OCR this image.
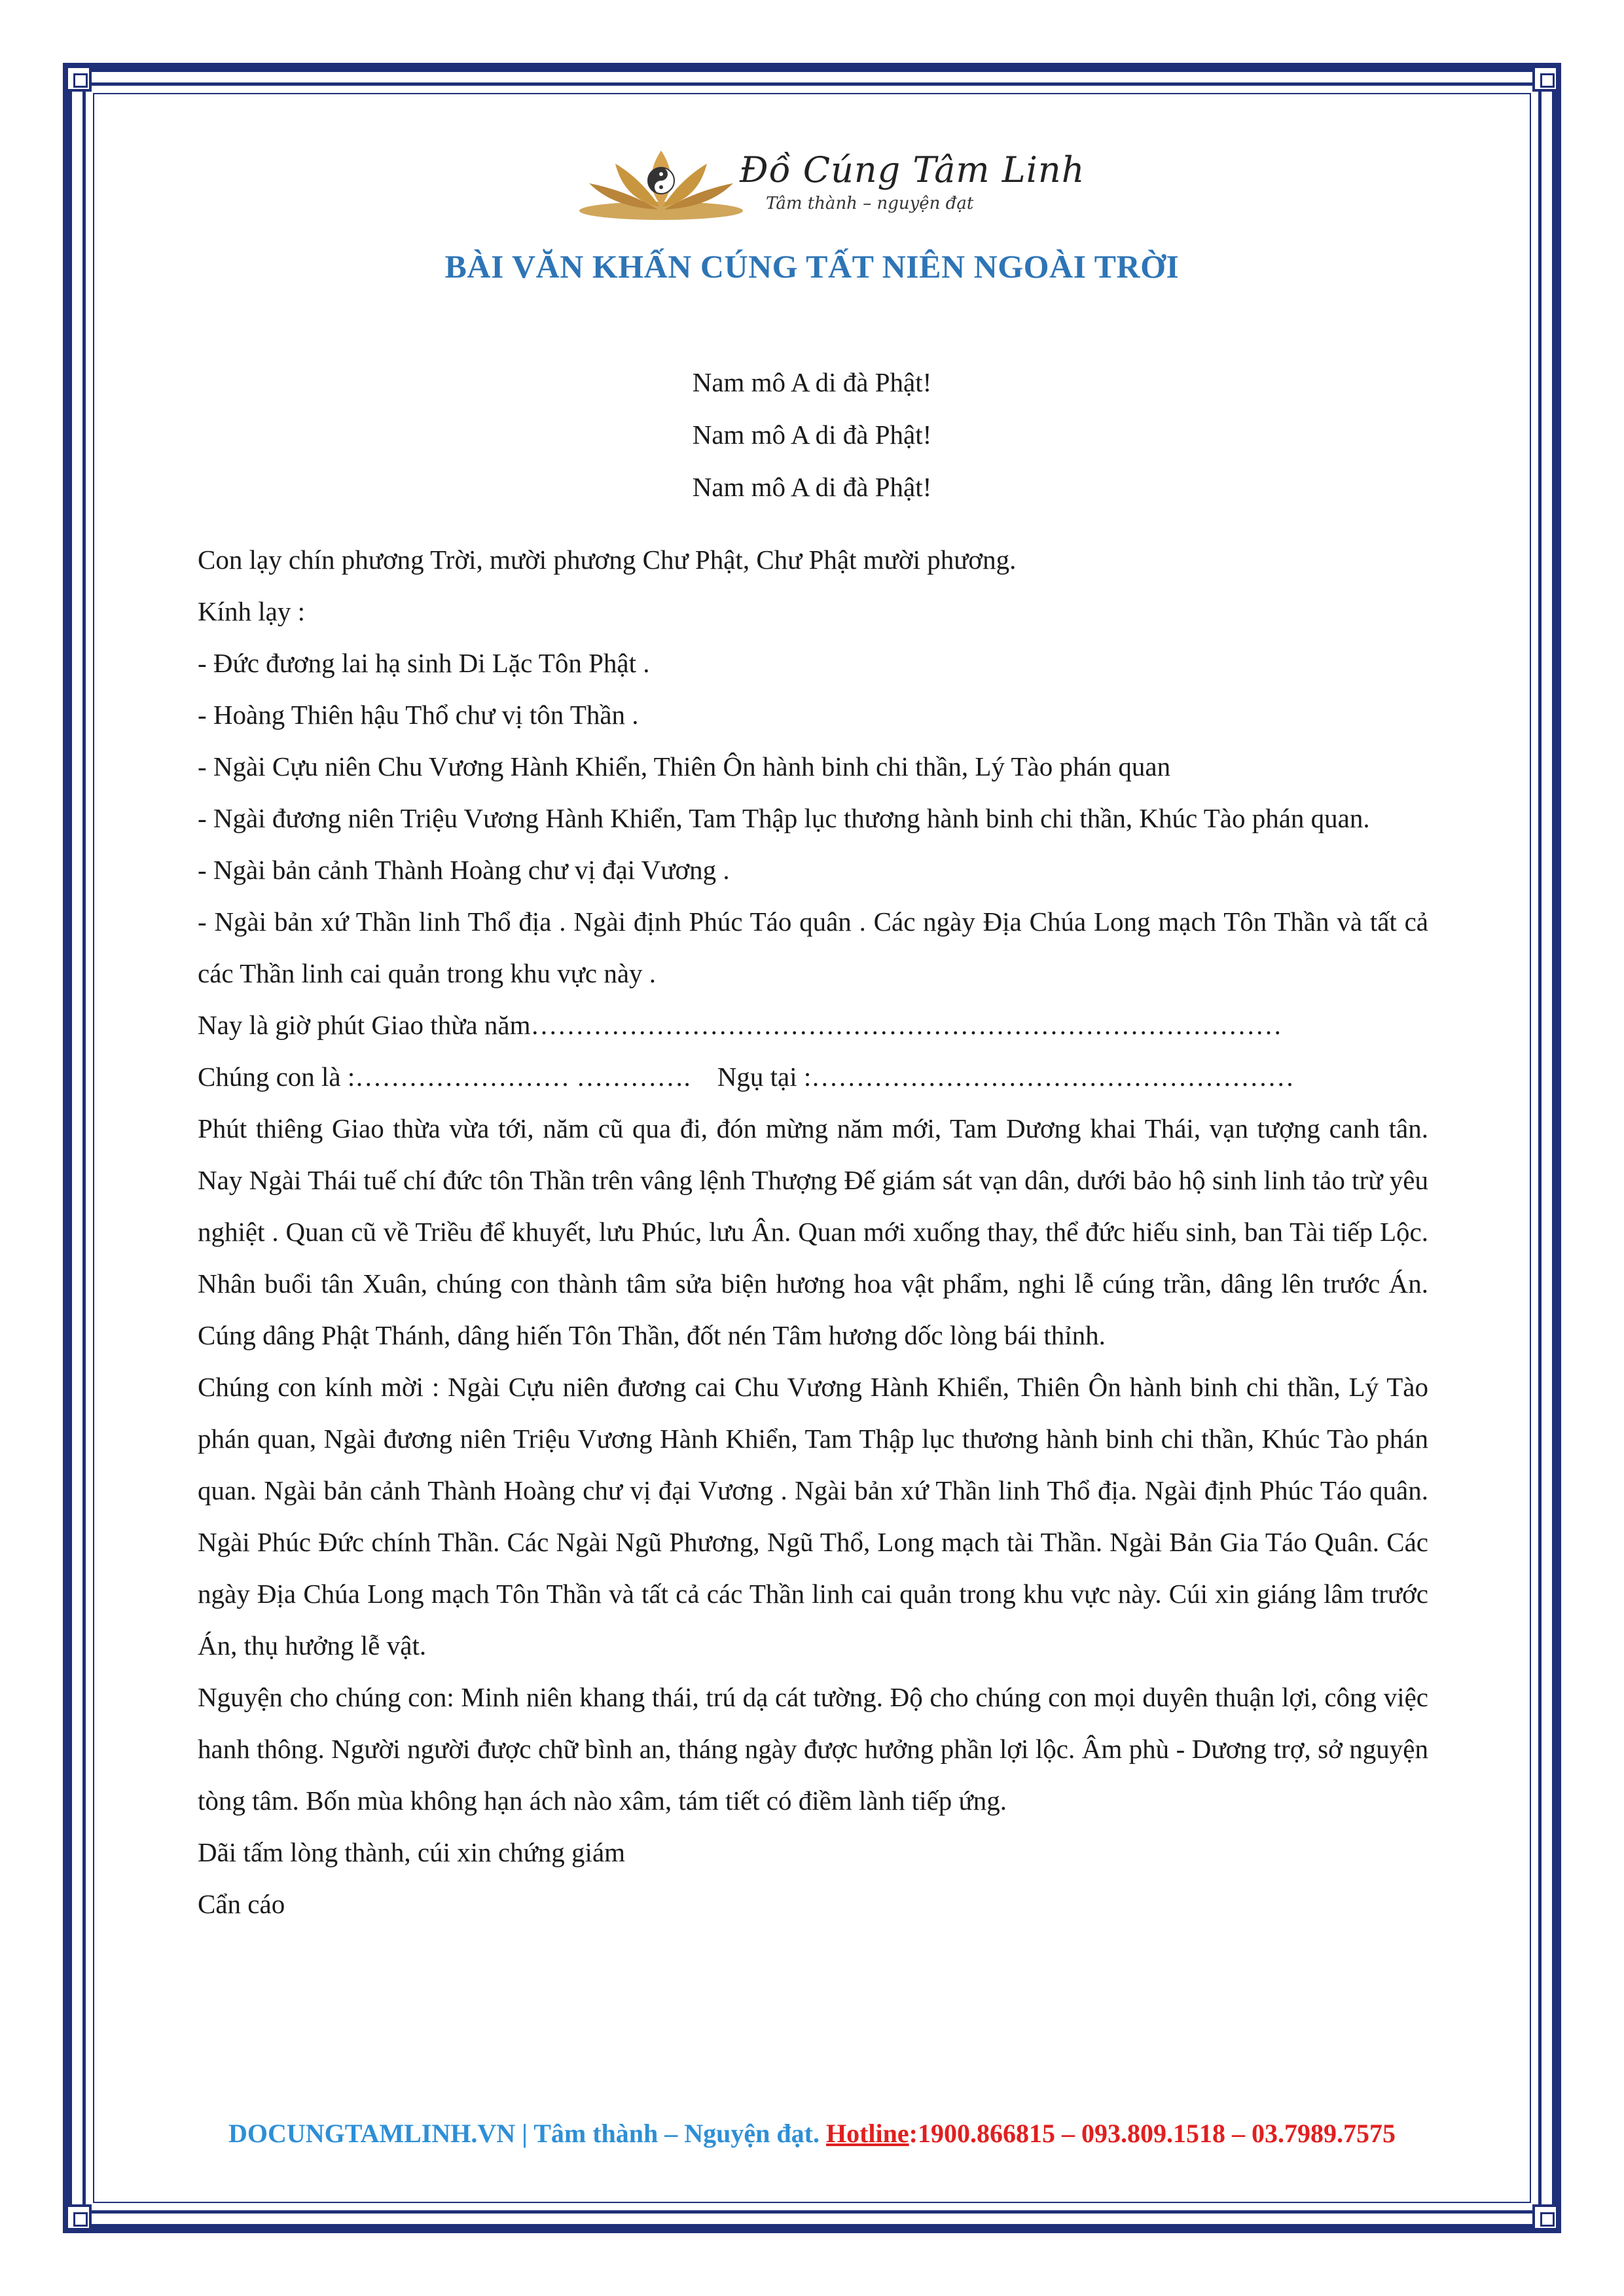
Đồ Cúng Tâm Linh
Tâm thành – nguyện đạt
BÀI VĂN KHẤN CÚNG TẤT NIÊN NGOÀI TRỜI
Nam mô A di đà Phật!
Nam mô A di đà Phật!
Nam mô A di đà Phật!

Con lạy chín phương Trời, mười phương Chư Phật, Chư Phật mười phương.

Kính lạy :

- Đức đương lai hạ sinh Di Lặc Tôn Phật .

- Hoàng Thiên hậu Thổ chư vị tôn Thần .

- Ngài Cựu niên Chu Vương Hành Khiển, Thiên Ôn hành binh chi thần, Lý Tào phán quan

- Ngài đương niên Triệu Vương Hành Khiển, Tam Thập lục thương hành binh chi thần, Khúc Tào phán quan.

- Ngài bản cảnh Thành Hoàng chư vị đại Vương .

- Ngài bản xứ Thần linh Thổ địa . Ngài định Phúc Táo quân . Các ngày Địa Chúa Long mạch Tôn Thần và tất cả các Thần linh cai quản trong khu vực này .

Nay là giờ phút Giao thừa năm…………………………………………………………………………

Chúng con là :…………………… ………….    Ngụ tại :………………………………………………

Phút thiêng Giao thừa vừa tới, năm cũ qua đi, đón mừng năm mới, Tam Dương khai Thái, vạn tượng canh tân. Nay Ngài Thái tuế chí đức tôn Thần trên vâng lệnh Thượng Đế giám sát vạn dân, dưới bảo hộ sinh linh tảo trừ yêu nghiệt . Quan cũ về Triều để khuyết, lưu Phúc, lưu Ân. Quan mới xuống thay, thể đức hiếu sinh, ban Tài tiếp Lộc. Nhân buổi tân Xuân, chúng con thành tâm sửa biện hương hoa vật phẩm, nghi lễ cúng trần, dâng lên trước Án. Cúng dâng Phật Thánh, dâng hiến Tôn Thần, đốt nén Tâm hương dốc lòng bái thỉnh.

Chúng con kính mời : Ngài Cựu niên đương cai Chu Vương Hành Khiển, Thiên Ôn hành binh chi thần, Lý Tào phán quan, Ngài đương niên Triệu Vương Hành Khiển, Tam Thập lục thương hành binh chi thần, Khúc Tào phán quan. Ngài bản cảnh Thành Hoàng chư vị đại Vương . Ngài bản xứ Thần linh Thổ địa. Ngài định Phúc Táo quân. Ngài Phúc Đức chính Thần. Các Ngài Ngũ Phương, Ngũ Thổ, Long mạch tài Thần. Ngài Bản Gia Táo Quân. Các ngày Địa Chúa Long mạch Tôn Thần và tất cả các Thần linh cai quản trong khu vực này. Cúi xin giáng lâm trước Án, thụ hưởng lễ vật.

Nguyện cho chúng con: Minh niên khang thái, trú dạ cát tường. Độ cho chúng con mọi duyên thuận lợi, công việc hanh thông. Người người được chữ bình an, tháng ngày được hưởng phần lợi lộc. Âm phù - Dương trợ, sở nguyện tòng tâm. Bốn mùa không hạn ách nào xâm, tám tiết có điềm lành tiếp ứng.

Dãi tấm lòng thành, cúi xin chứng giám

Cẩn cáo

DOCUNGTAMLINH.VN | Tâm thành – Nguyện đạt. Hotline:1900.866815 – 093.809.1518 – 03.7989.7575
